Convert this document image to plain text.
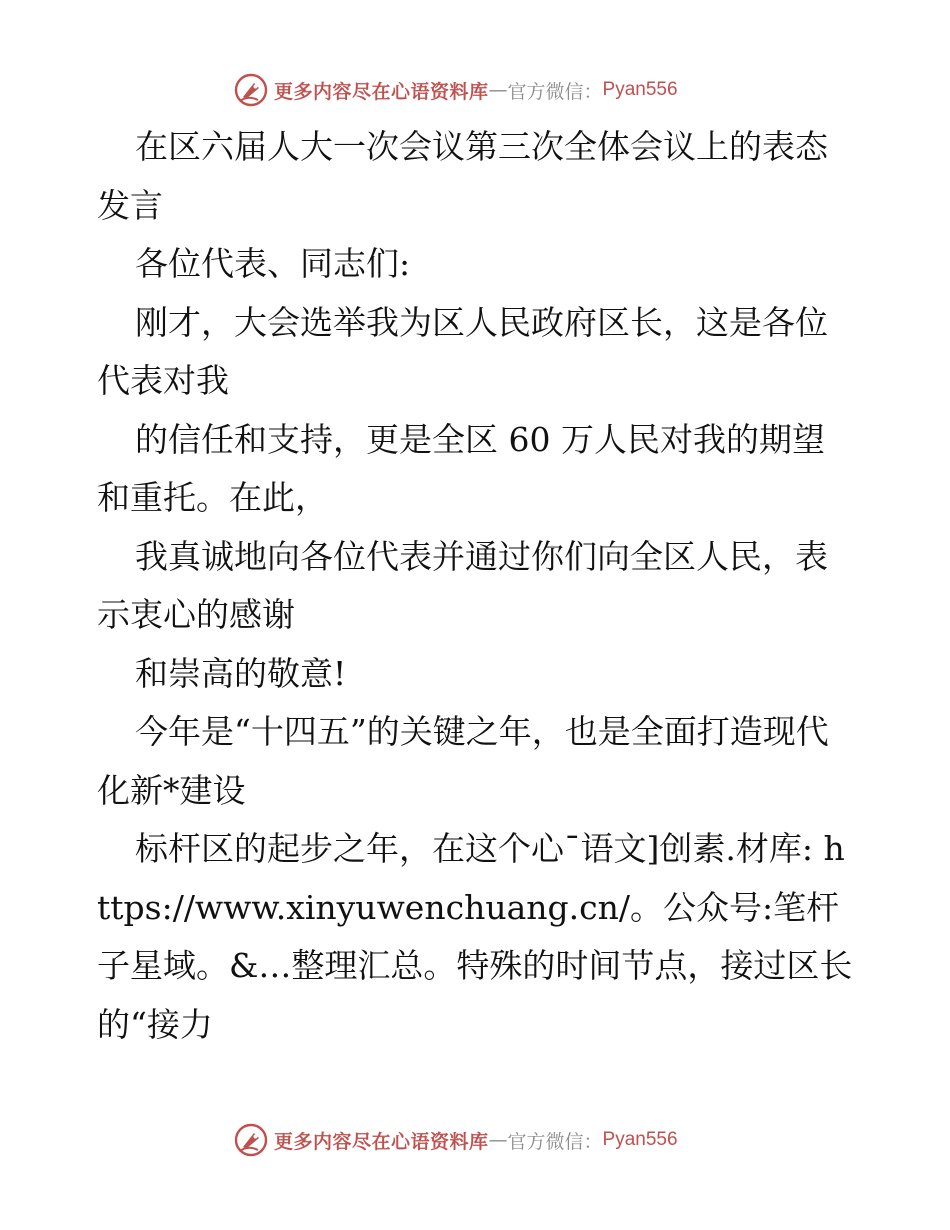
更多内容尽在心语资料库 — 官方微信： Pyan556

在区六届人大一次会议第三次全体会议上的表态发言

各位代表、同志们:

刚才，大会选举我为区人民政府区长，这是各位代表对我

的信任和支持，更是全区 60 万人民对我的期望和重托。在此，

我真诚地向各位代表并通过你们向全区人民，表示衷心的感谢

和崇高的敬意!

今年是“十四五”的关键之年，也是全面打造现代化新*建设

标杆区的起步之年，在这个心¯语文]创素.材库: https://www.xinyuwenchuang.cn/。公众号:笔杆子星域。&…整理汇总。特殊的时间节点，接过区长的“接力

更多内容尽在心语资料库 — 官方微信： Pyan556
